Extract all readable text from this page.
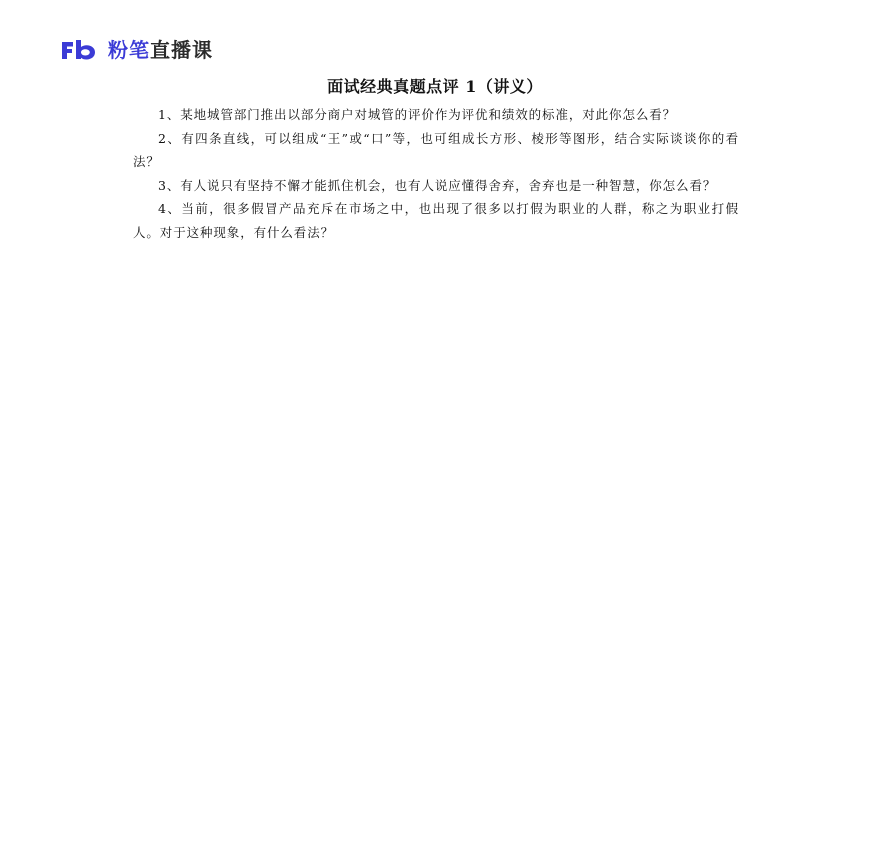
粉笔直播课
面试经典真题点评 1（讲义）

1、某地城管部门推出以部分商户对城管的评价作为评优和绩效的标准，对此你怎么看？

2、有四条直线，可以组成“王”或“口”等，也可组成长方形、棱形等图形，结合实际谈谈你的看法？

3、有人说只有坚持不懈才能抓住机会，也有人说应懂得舍弃，舍弃也是一种智慧，你怎么看？

4、当前，很多假冒产品充斥在市场之中，也出现了很多以打假为职业的人群，称之为职业打假人。对于这种现象，有什么看法？
